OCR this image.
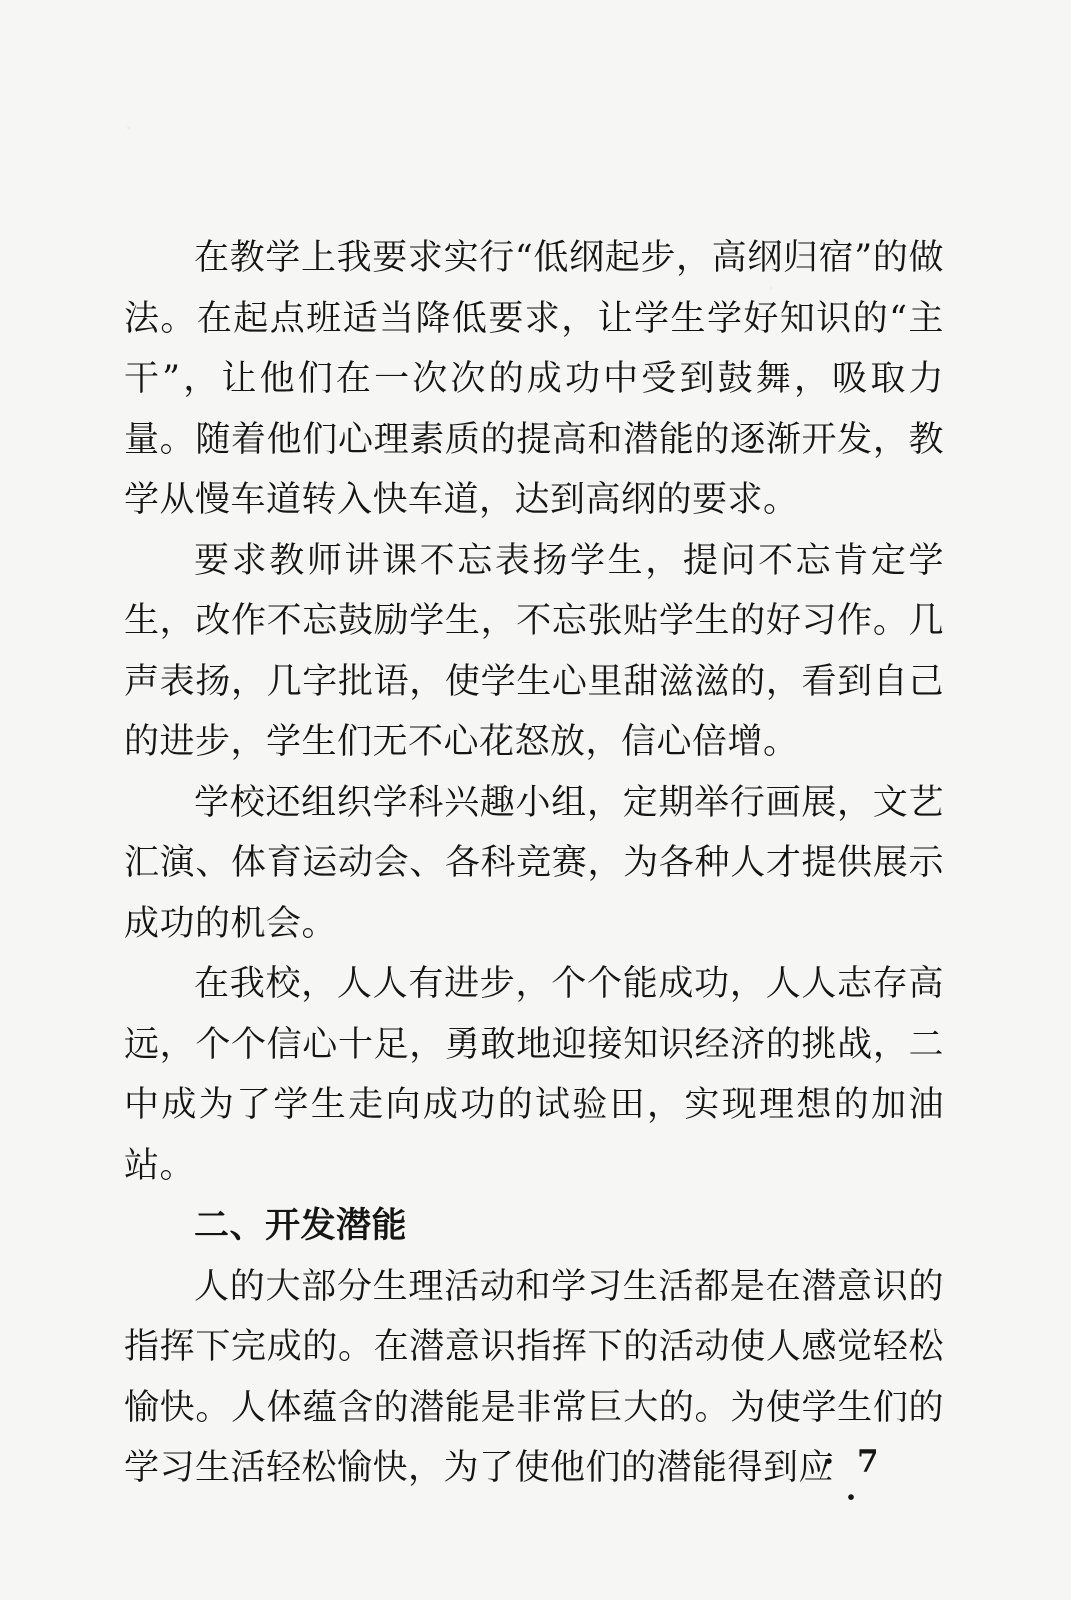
在教学上我要求实行“低纲起步，高纲归宿”的做法。在起点班适当降低要求，让学生学好知识的“主干”，让他们在一次次的成功中受到鼓舞，吸取力量。随着他们心理素质的提高和潜能的逐渐开发，教学从慢车道转入快车道，达到高纲的要求。

要求教师讲课不忘表扬学生，提问不忘肯定学生，改作不忘鼓励学生，不忘张贴学生的好习作。几声表扬，几字批语，使学生心里甜滋滋的，看到自己的进步，学生们无不心花怒放，信心倍增。

学校还组织学科兴趣小组，定期举行画展，文艺汇演、体育运动会、各科竞赛，为各种人才提供展示成功的机会。

在我校，人人有进步，个个能成功，人人志存高远，个个信心十足，勇敢地迎接知识经济的挑战，二中成为了学生走向成功的试验田，实现理想的加油站。

二、开发潜能

人的大部分生理活动和学习生活都是在潜意识的指挥下完成的。在潜意识指挥下的活动使人感觉轻松愉快。人体蕴含的潜能是非常巨大的。为使学生们的学习生活轻松愉快，为了使他们的潜能得到应

· 7 ·
